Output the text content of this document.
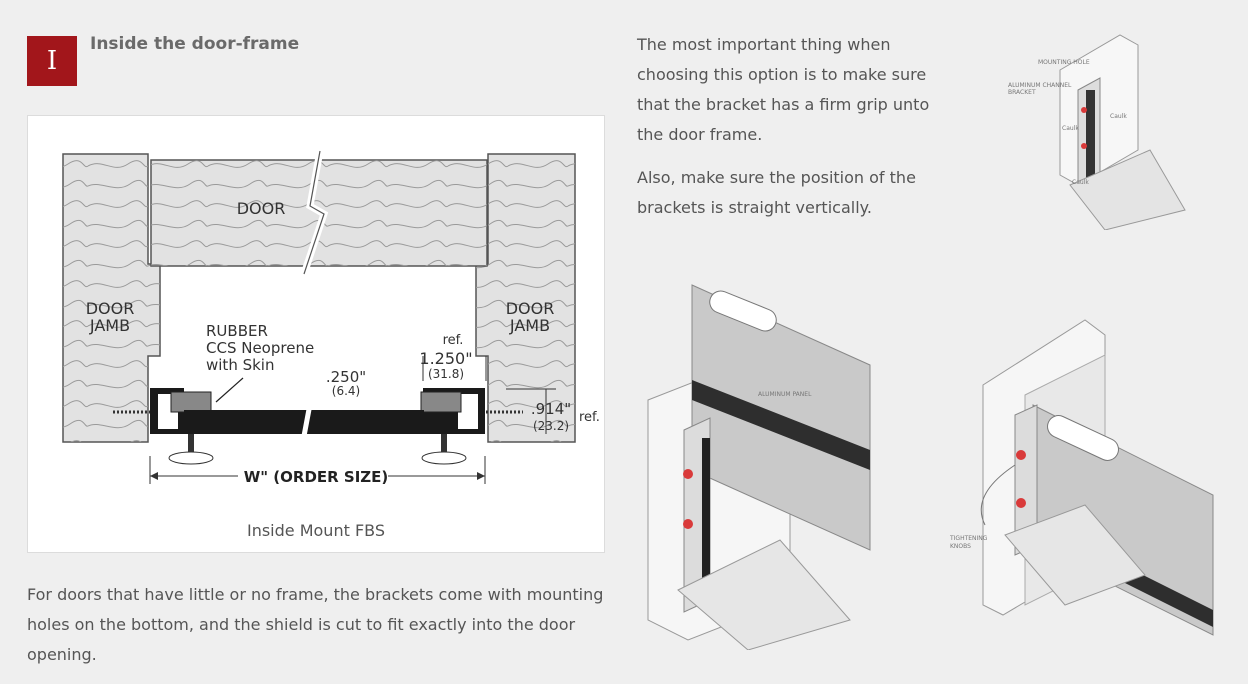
I
Inside the door-frame
DOOR
JAMB
DOOR
JAMB
DOOR
RUBBER
CCS Neoprene
with Skin
ref.
1.250"
(31.8)
.250"
(6.4)
.914"
(23.2)
ref.
W" (ORDER SIZE)
Inside Mount FBS
For doors that have little or no frame, the brackets come with mounting holes on the bottom, and the shield is cut to fit exactly into the door opening.
The most important thing when choosing this option is to make sure that the bracket has a firm grip unto the door frame.
Also, make sure the position of the brackets is straight vertically.
MOUNTING HOLE
ALUMINUM CHANNEL
BRACKET
Caulk
Caulk
Caulk
ALUMINUM PANEL
TIGHTENING
KNOBS
